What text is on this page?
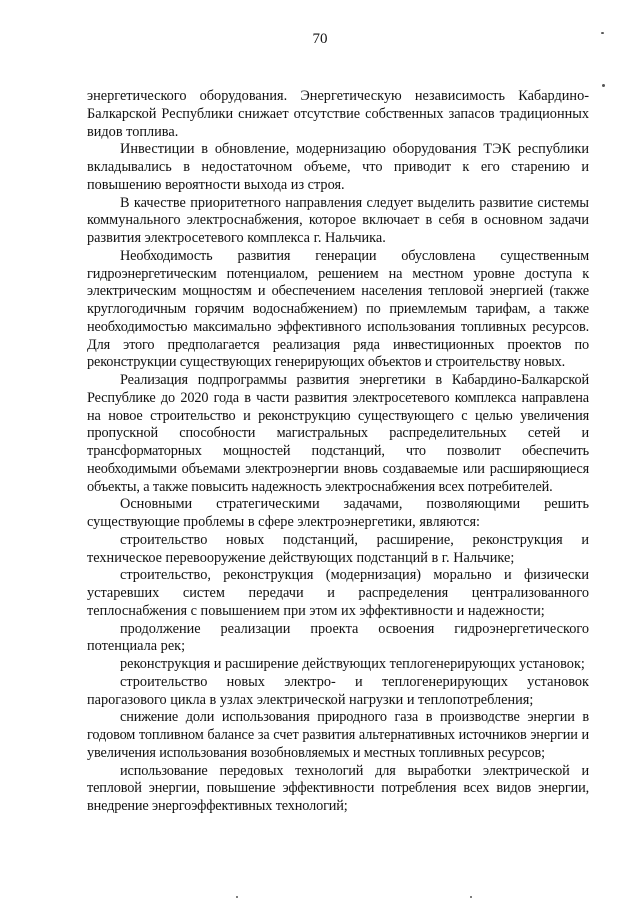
70

энергетического оборудования. Энергетическую независимость Кабардино-Балкарской Республики снижает отсутствие собственных запасов традиционных видов топлива.

Инвестиции в обновление, модернизацию оборудования ТЭК республики вкладывались в недостаточном объеме, что приводит к его старению и повышению вероятности выхода из строя.

В качестве приоритетного направления следует выделить развитие системы коммунального электроснабжения, которое включает в себя в основном задачи развития электросетевого комплекса г. Нальчика.

Необходимость развития генерации обусловлена существенным гидроэнергетическим потенциалом, решением на местном уровне доступа к электрическим мощностям и обеспечением населения тепловой энергией (также круглогодичным горячим водоснабжением) по приемлемым тарифам, а также необходимостью максимально эффективного использования топливных ресурсов. Для этого предполагается реализация ряда инвестиционных проектов по реконструкции существующих генерирующих объектов и строительству новых.

Реализация подпрограммы развития энергетики в Кабардино-Балкарской Республике до 2020 года в части развития электросетевого комплекса направлена на новое строительство и реконструкцию существующего с целью увеличения пропускной способности магистральных распределительных сетей и трансформаторных мощностей подстанций, что позволит обеспечить необходимыми объемами электроэнергии вновь создаваемые или расширяющиеся объекты, а также повысить надежность электроснабжения всех потребителей.

Основными стратегическими задачами, позволяющими решить существующие проблемы в сфере электроэнергетики, являются:

строительство новых подстанций, расширение, реконструкция и техническое перевооружение действующих подстанций в г. Нальчике;

строительство, реконструкция (модернизация) морально и физически устаревших систем передачи и распределения централизованного теплоснабжения с повышением при этом их эффективности и надежности;

продолжение реализации проекта освоения гидроэнергетического потенциала рек;

реконструкция и расширение действующих теплогенерирующих установок;

строительство новых электро- и теплогенерирующих установок парогазового цикла в узлах электрической нагрузки и теплопотребления;

снижение доли использования природного газа в производстве энергии в годовом топливном балансе за счет развития альтернативных источников энергии и увеличения использования возобновляемых и местных топливных ресурсов;

использование передовых технологий для выработки электрической и тепловой энергии, повышение эффективности потребления всех видов энергии, внедрение энергоэффективных технологий;
